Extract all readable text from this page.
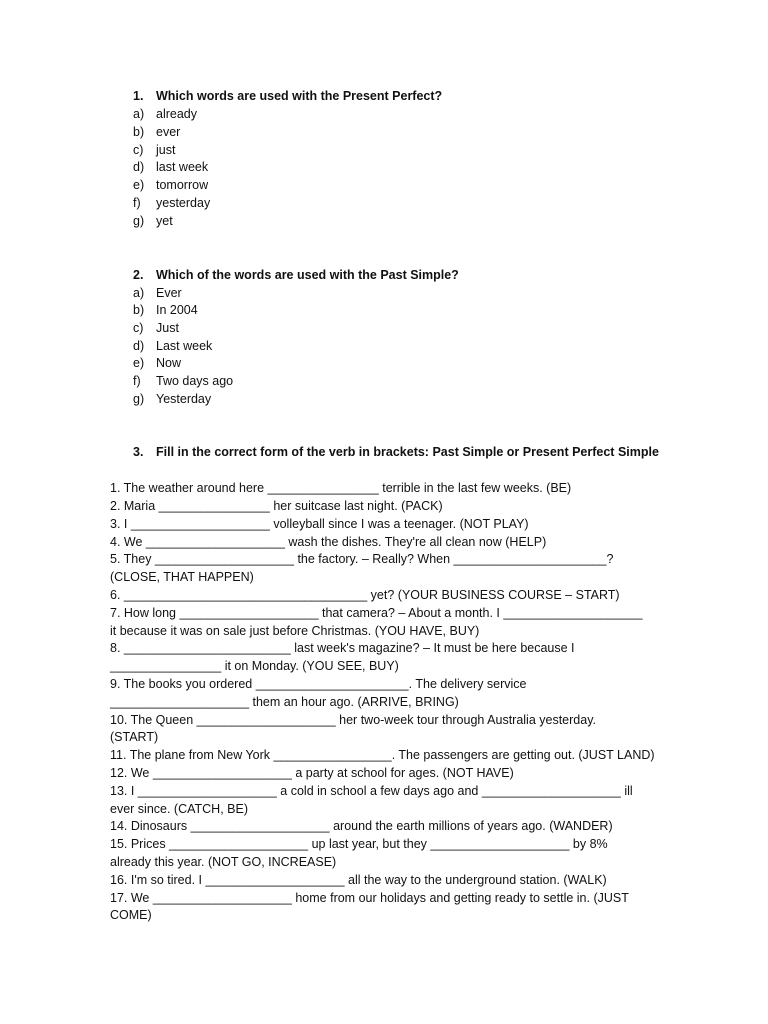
1. Which words are used with the Present Perfect?
a) already
b) ever
c) just
d) last week
e) tomorrow
f) yesterday
g) yet
2. Which of the words are used with the Past Simple?
a) Ever
b) In 2004
c) Just
d) Last week
e) Now
f) Two days ago
g) Yesterday
3. Fill in the correct form of the verb in brackets: Past Simple or Present Perfect Simple
1. The weather around here ________________ terrible in the last few weeks. (BE)
2. Maria ________________ her suitcase last night. (PACK)
3. I ____________________ volleyball since I was a teenager. (NOT PLAY)
4. We ____________________ wash the dishes. They're all clean now (HELP)
5. They ____________________ the factory. – Really? When ______________________?
(CLOSE, THAT HAPPEN)
6. ___________________________________ yet? (YOUR BUSINESS COURSE – START)
7. How long ____________________ that camera? – About a month. I ____________________
it because it was on sale just before Christmas. (YOU HAVE, BUY)
8. ________________________ last week's magazine? – It must be here because I
________________ it on Monday. (YOU SEE, BUY)
9. The books you ordered ______________________. The delivery service
____________________ them an hour ago. (ARRIVE, BRING)
10. The Queen ____________________ her two-week tour through Australia yesterday.
(START)
11. The plane from New York _________________. The passengers are getting out. (JUST LAND)
12. We ____________________ a party at school for ages. (NOT HAVE)
13. I ____________________ a cold in school a few days ago and ____________________ ill
ever since. (CATCH, BE)
14. Dinosaurs ____________________ around the earth millions of years ago. (WANDER)
15. Prices ____________________ up last year, but they ____________________ by 8%
already this year. (NOT GO, INCREASE)
16. I'm so tired. I ____________________ all the way to the underground station. (WALK)
17. We ____________________ home from our holidays and getting ready to settle in. (JUST
COME)
